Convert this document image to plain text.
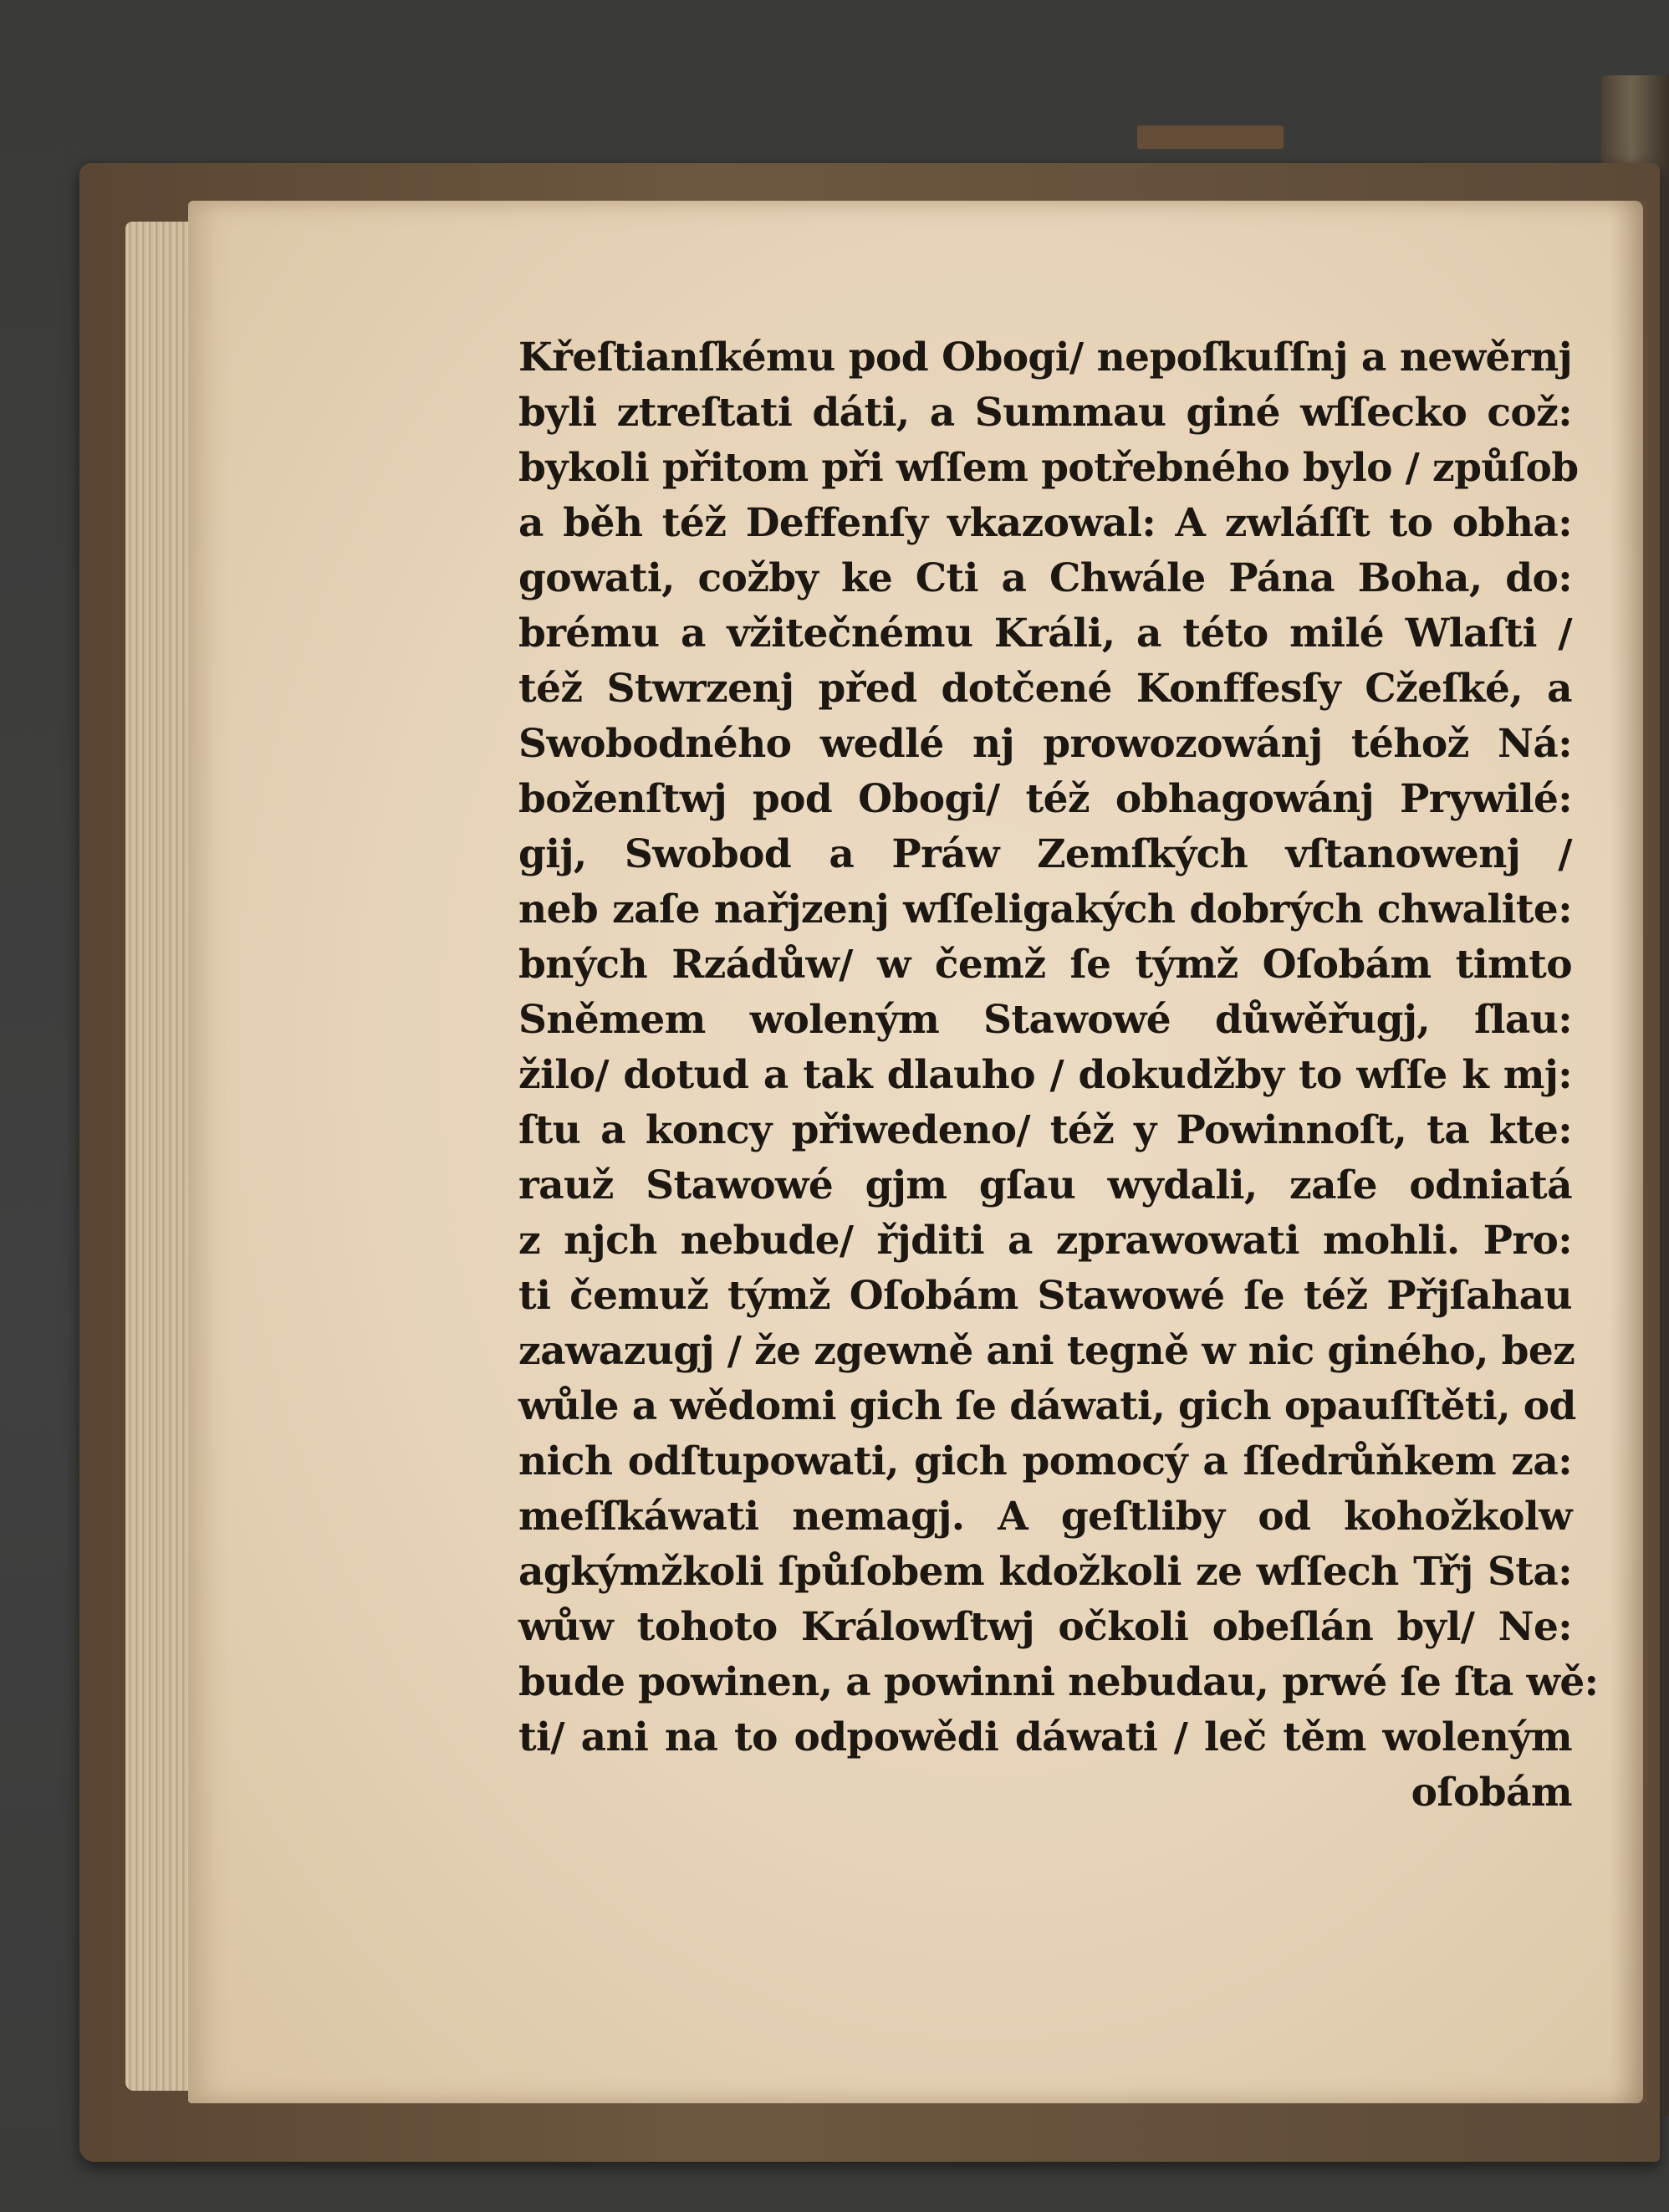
Křeſtianſkému pod Obogi/ nepoſkuſſnj a newěrnj
byli ztreſtati dáti, a Summau giné wſſecko což:
bykoli přitom při wſſem potřebného bylo / způſob
a běh též Deffenſy vkazowal: A zwláſſt to obha:
gowati, cožby ke Cti a Chwále Pána Boha, do:
brému a vžitečnému Králi, a této milé Wlaſti /
též Stwrzenj před dotčené Konffesſy Cžeſké, a
Swobodného wedlé nj prowozowánj téhož Ná:
boženſtwj pod Obogi/ též obhagowánj Prywilé:
gij, Swobod a Práw Zemſkých vſtanowenj /
neb zaſe nařjzenj wſſeligakých dobrých chwalite:
bných Rzádůw/ w čemž ſe týmž Oſobám timto
Sněmem woleným Stawowé důwěřugj, ſlau:
žilo/ dotud a tak dlauho / dokudžby to wſſe k mj:
ſtu a koncy přiwedeno/ též y Powinnoſt, ta kte:
rauž Stawowé gjm gſau wydali, zaſe odniatá
z njch nebude/ řjditi a zprawowati mohli. Pro:
ti čemuž týmž Oſobám Stawowé ſe též Přjſahau
zawazugj / že zgewně ani tegně w nic giného, bez
wůle a wědomi gich ſe dáwati, gich opauſſtěti, od
nich odſtupowati, gich pomocý a ſſedrůňkem za:
meſſkáwati nemagj. A geſtliby od kohožkolw
agkýmžkoli ſpůſobem kdožkoli ze wſſech Třj Sta:
wůw tohoto Králowſtwj očkoli obeſlán byl/ Ne:
bude powinen, a powinni nebudau, prwé ſe ſta wě:
ti/ ani na to odpowědi dáwati / leč těm woleným
oſobám
